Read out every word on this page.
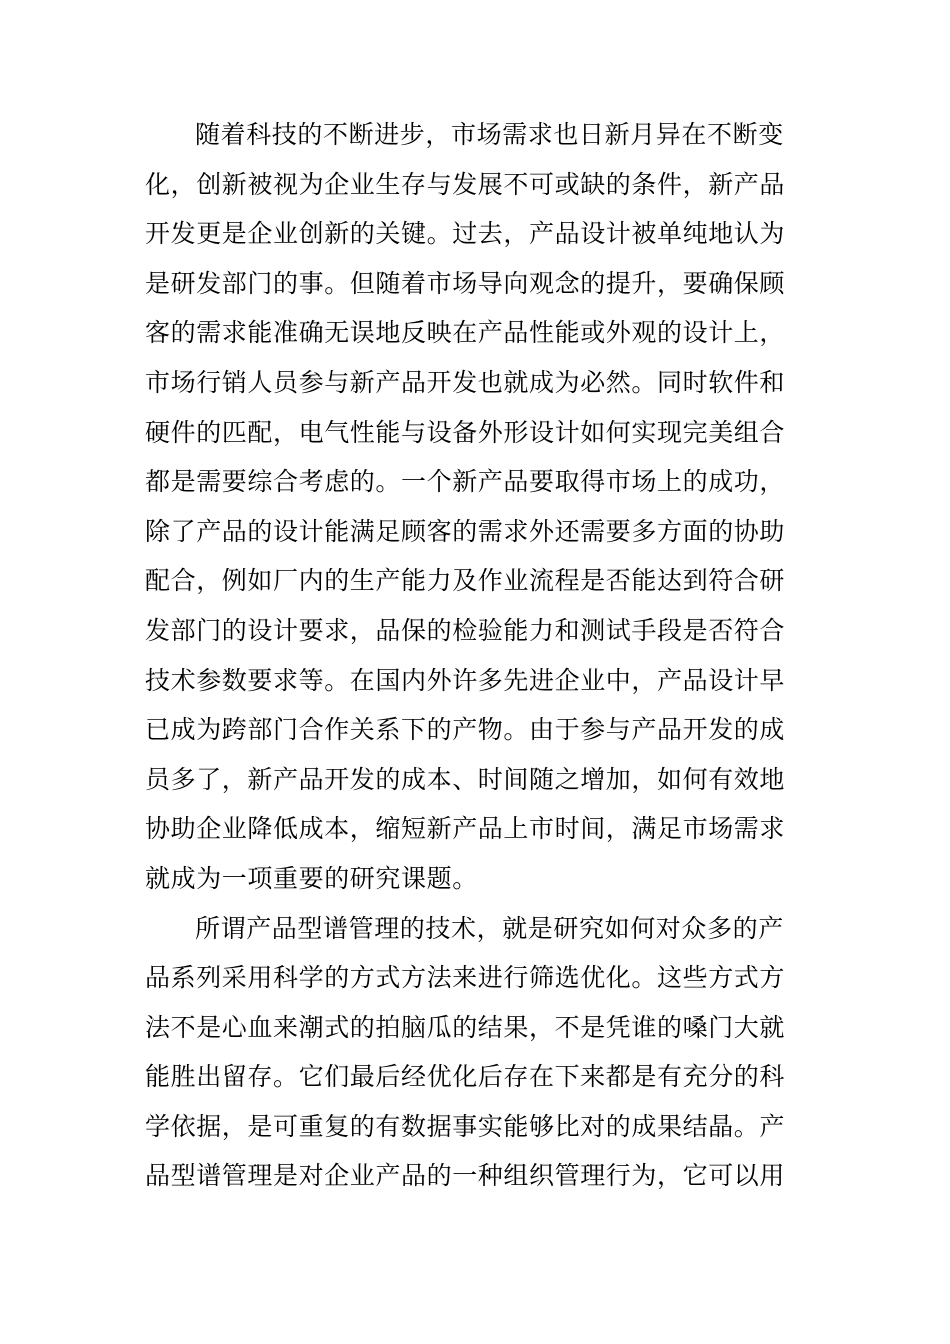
随着科技的不断进步，市场需求也日新月异在不断变
化，创新被视为企业生存与发展不可或缺的条件，新产品
开发更是企业创新的关键。过去，产品设计被单纯地认为
是研发部门的事。但随着市场导向观念的提升，要确保顾
客的需求能准确无误地反映在产品性能或外观的设计上，
市场行销人员参与新产品开发也就成为必然。同时软件和
硬件的匹配，电气性能与设备外形设计如何实现完美组合
都是需要综合考虑的。一个新产品要取得市场上的成功，
除了产品的设计能满足顾客的需求外还需要多方面的协助
配合，例如厂内的生产能力及作业流程是否能达到符合研
发部门的设计要求，品保的检验能力和测试手段是否符合
技术参数要求等。在国内外许多先进企业中，产品设计早
已成为跨部门合作关系下的产物。由于参与产品开发的成
员多了，新产品开发的成本、时间随之增加，如何有效地
协助企业降低成本，缩短新产品上市时间，满足市场需求
就成为一项重要的研究课题。
所谓产品型谱管理的技术，就是研究如何对众多的产
品系列采用科学的方式方法来进行筛选优化。这些方式方
法不是心血来潮式的拍脑瓜的结果，不是凭谁的嗓门大就
能胜出留存。它们最后经优化后存在下来都是有充分的科
学依据，是可重复的有数据事实能够比对的成果结晶。产
品型谱管理是对企业产品的一种组织管理行为，它可以用
